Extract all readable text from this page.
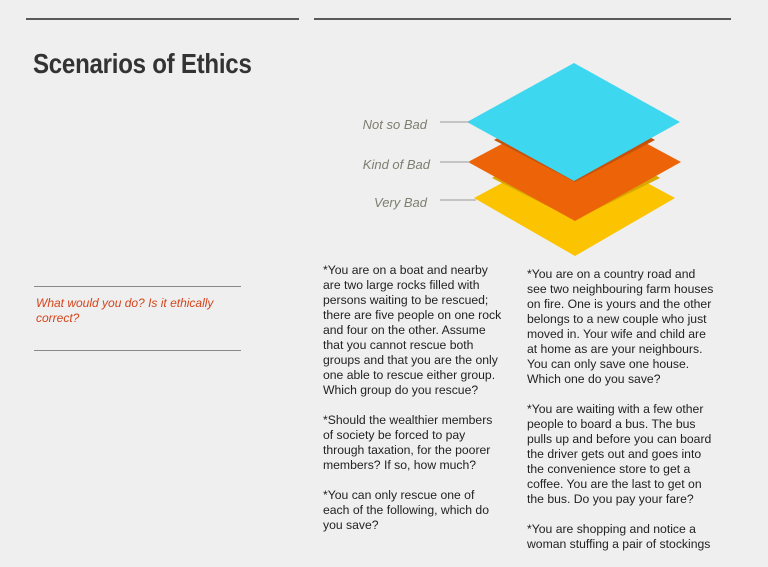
Scenarios of Ethics
What would you do? Is it ethically correct?
Not so Bad
Kind of Bad
Very Bad

*You are on a boat and nearby are two large rocks filled with persons waiting to be rescued; there are five people on one rock and four on the other. Assume that you cannot rescue both groups and that you are the only one able to rescue either group. Which group do you rescue?

*Should the wealthier members of society be forced to pay through taxation, for the poorer members? If so, how much?

*You can only rescue one of each of the following, which do you save?

*You are on a country road and see two neighbouring farm houses on fire. One is yours and the other belongs to a new couple who just moved in. Your wife and child are at home as are your neighbours. You can only save one house. Which one do you save?

*You are waiting with a few other people to board a bus. The bus pulls up and before you can board the driver gets out and goes into the convenience store to get a coffee. You are the last to get on the bus. Do you pay your fare?

*You are shopping and notice a woman stuffing a pair of stockings
